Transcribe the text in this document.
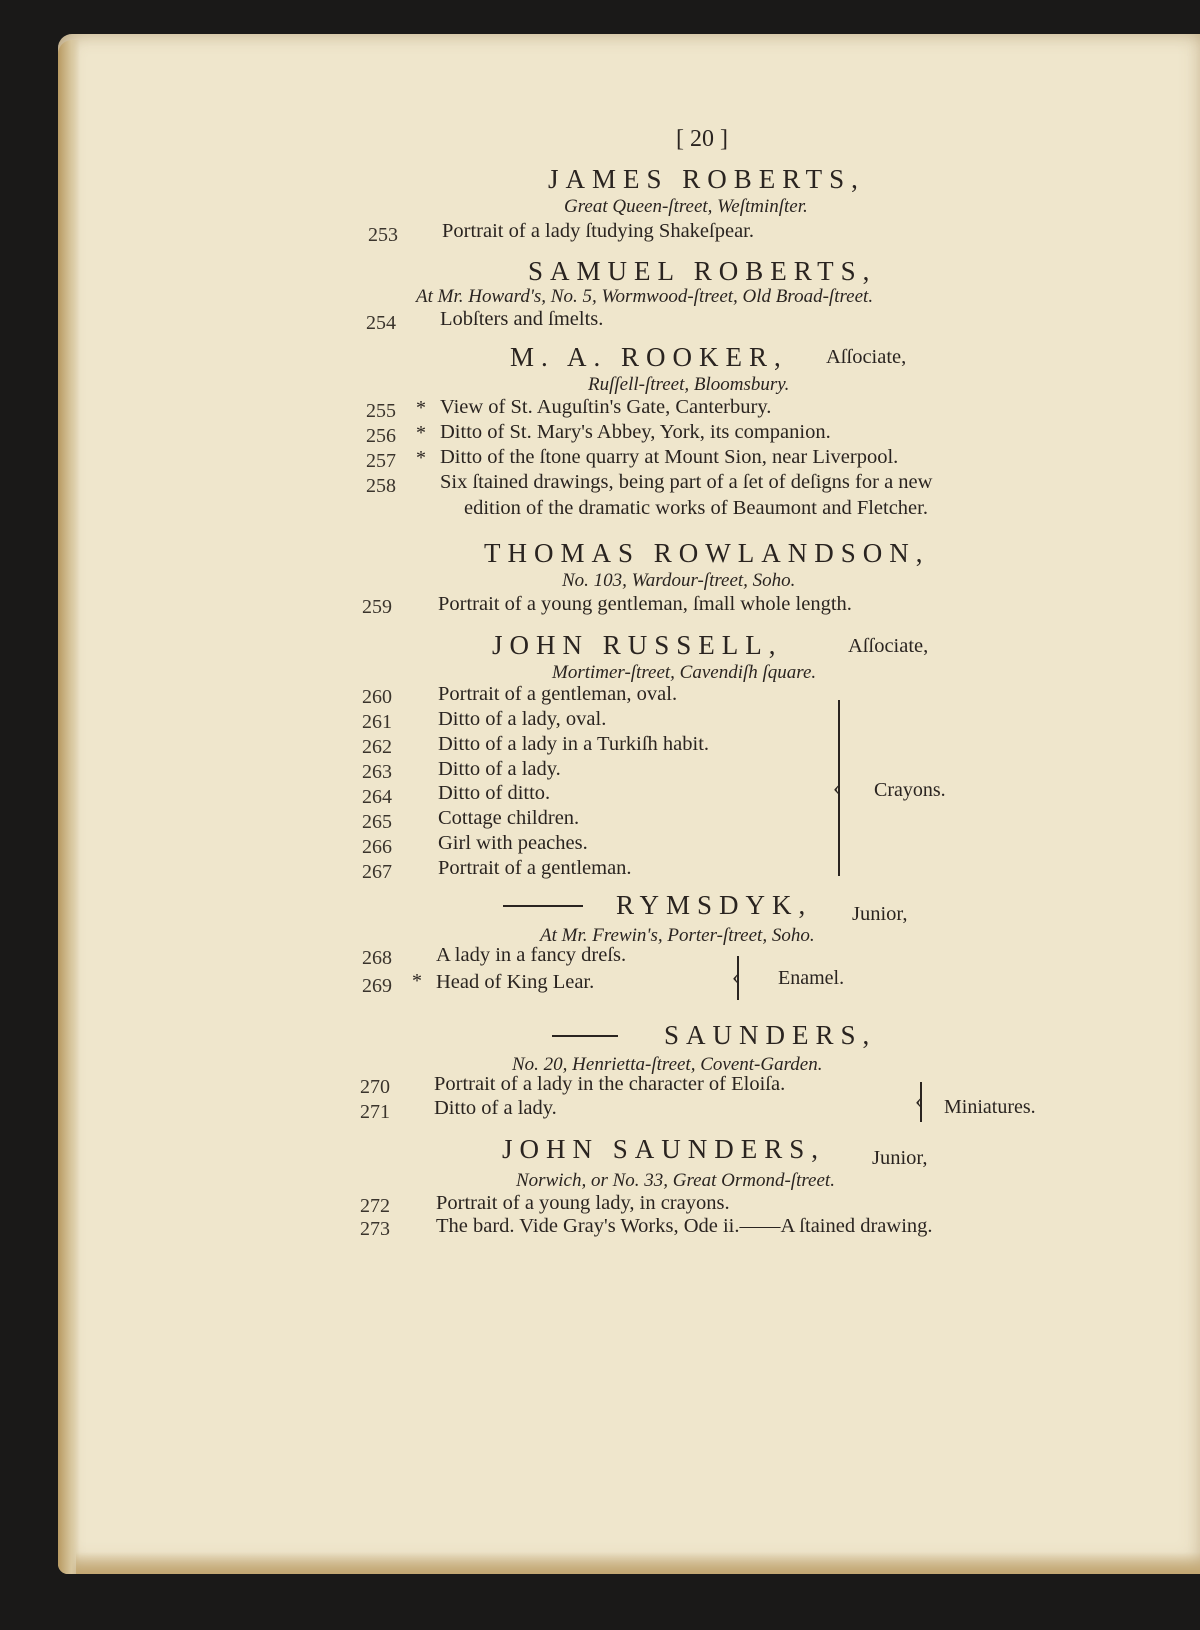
[ 20 ]
JAMES ROBERTS,
Great Queen-ſtreet, Weſtminſter.
253 Portrait of a lady ſtudying Shakeſpear.
SAMUEL ROBERTS,
At Mr. Howard's, No. 5, Wormwood-ſtreet, Old Broad-ſtreet.
254 Lobſters and ſmelts.
M. A. ROOKER, Aſſociate,
Ruſſell-ſtreet, Bloomsbury.
255 * View of St. Auguſtin's Gate, Canterbury.
256 * Ditto of St. Mary's Abbey, York, its companion.
257 * Ditto of the ſtone quarry at Mount Sion, near Liverpool.
258 Six ſtained drawings, being part of a ſet of deſigns for a new
edition of the dramatic works of Beaumont and Fletcher.
THOMAS ROWLANDSON,
No. 103, Wardour-ſtreet, Soho.
259 Portrait of a young gentleman, ſmall whole length.
JOHN RUSSELL,	Aſſociate,
Mortimer-ſtreet, Cavendiſh ſquare.
260 Portrait of a gentleman, oval.
261 Ditto of a lady, oval.
262 Ditto of a lady in a Turkiſh habit.
263 Ditto of a lady.
264 Ditto of ditto.
265 Cottage children.
266 Girl with peaches.
267 Portrait of a gentleman.
‹ Crayons.
RYMSDYK, Junior,
At Mr. Frewin's, Porter-ſtreet, Soho.
268 A lady in a fancy dreſs.
269 * Head of King Lear.	‹ Enamel.
SAUNDERS,
No. 20, Henrietta-ſtreet, Covent-Garden.
270 Portrait of a lady in the character of Eloiſa.
271 Ditto of a lady.	‹ Miniatures.
JOHN SAUNDERS, Junior,
Norwich, or No. 33, Great Ormond-ſtreet.
272 Portrait of a young lady, in crayons.
273 The bard. Vide Gray's Works, Ode ii.——A ſtained drawing.
